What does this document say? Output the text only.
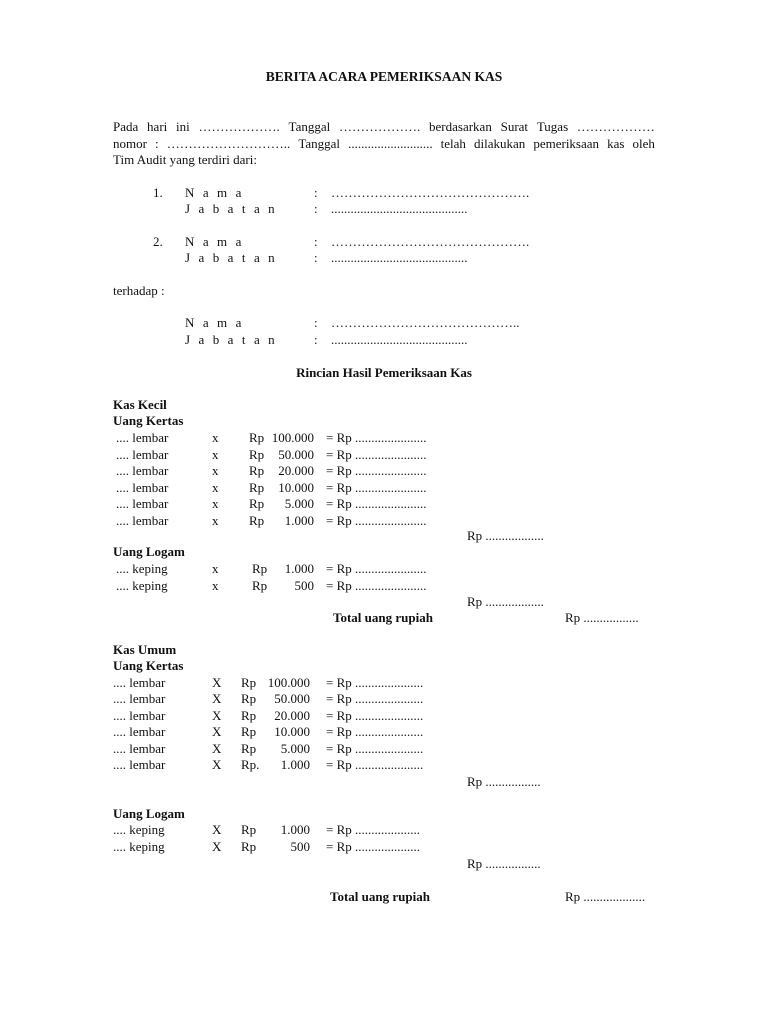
BERITA ACARA PEMERIKSAAN KAS
Pada hari ini ………………. Tanggal ………………. berdasarkan Surat Tugas ………………
nomor : ……………………….. Tanggal .......................... telah dilakukan pemeriksaan kas oleh
Tim Audit yang terdiri dari:
1. N a m a	: ……………………………………….
J a b a t a n	: ..........................................
2. N a m a	: ……………………………………….
J a b a t a n	: ..........................................
terhadap :
N a m a	: ……………………………………..
J a b a t a n	: ..........................................
Rincian Hasil Pemeriksaan Kas
Kas Kecil
Uang Kertas
.... lembar	x Rp 100.000 = Rp ......................
.... lembar	x Rp	50.000 = Rp ......................
.... lembar	x Rp	20.000 = Rp ......................
.... lembar	x Rp	10.000 = Rp ......................
.... lembar	x Rp	5.000 = Rp ......................
.... lembar	x Rp	1.000 = Rp ......................
Rp ..................
Uang Logam
.... keping	x	Rp	1.000 = Rp ......................
.... keping	x	Rp	500 = Rp ......................
Rp ..................
Total uang rupiah	Rp .................
Kas Umum
Uang Kertas
.... lembar	X Rp 100.000 = Rp .....................
.... lembar	X Rp	50.000 = Rp .....................
.... lembar	X Rp	20.000 = Rp .....................
.... lembar	X Rp	10.000 = Rp .....................
.... lembar	X Rp	5.000 = Rp .....................
.... lembar	X Rp.	1.000 = Rp .....................
Rp .................
Uang Logam
.... keping	X Rp	1.000 = Rp ....................
.... keping	X Rp	500 = Rp ....................
Rp .................
Total uang rupiah	Rp ...................
